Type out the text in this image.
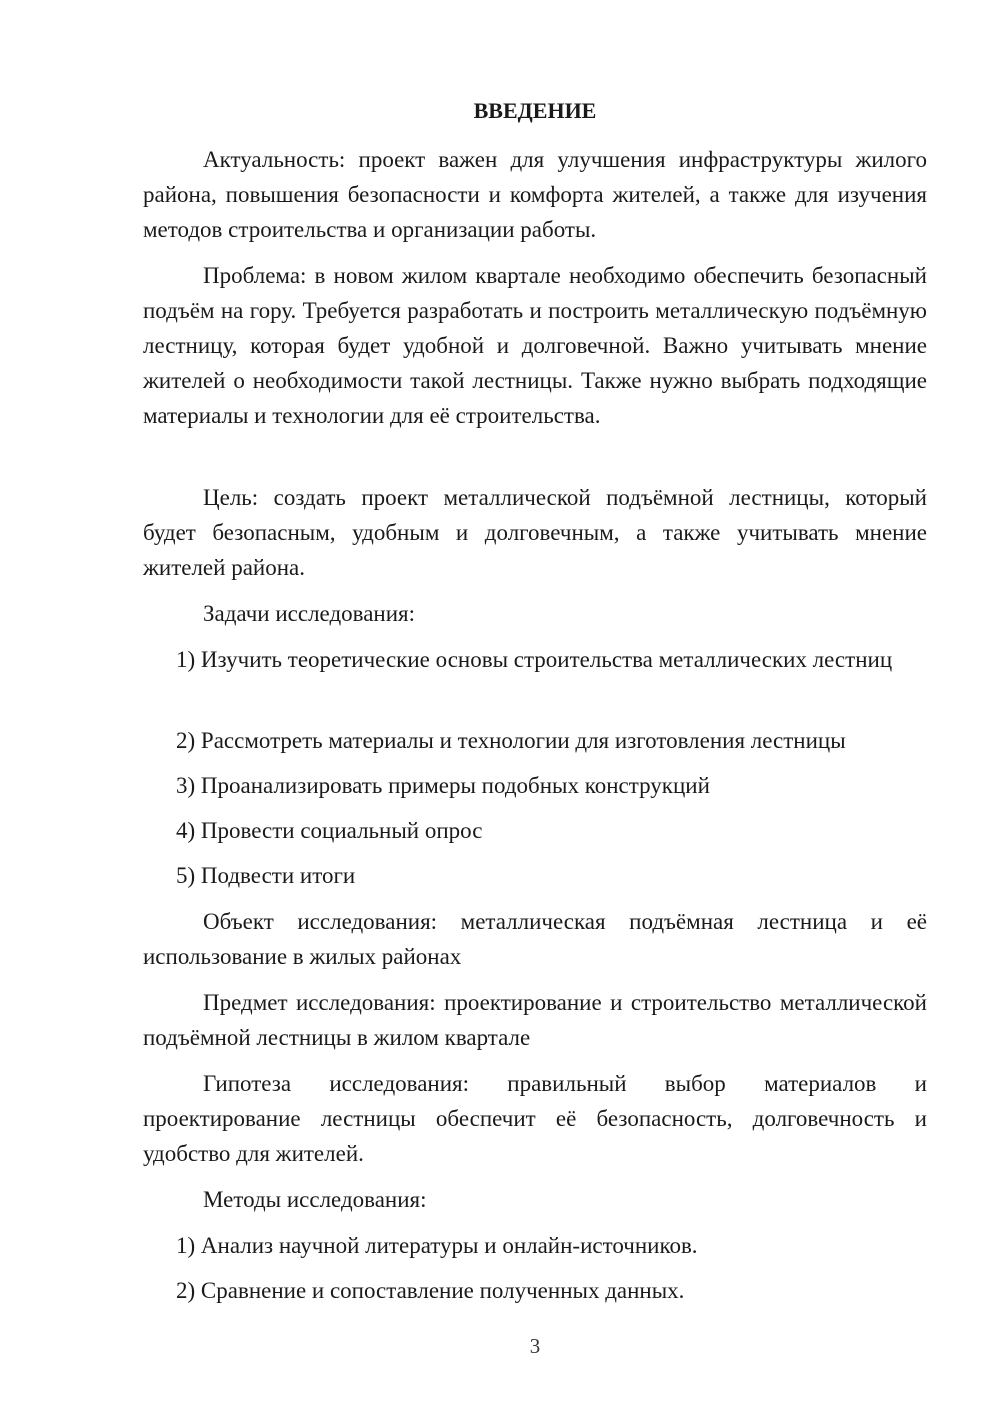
ВВЕДЕНИЕ

Актуальность: проект важен для улучшения инфраструктуры жилого района, повышения безопасности и комфорта жителей, а также для изучения методов строительства и организации работы.

Проблема: в новом жилом квартале необходимо обеспечить безопасный подъём на гору. Требуется разработать и построить металлическую подъёмную лестницу, которая будет удобной и долговечной. Важно учитывать мнение жителей о необходимости такой лестницы. Также нужно выбрать подходящие материалы и технологии для её строительства.

Цель: создать проект металлической подъёмной лестницы, который будет безопасным, удобным и долговечным, а также учитывать мнение жителей района.

Задачи исследования:

1) Изучить теоретические основы строительства металлических лестниц

2) Рассмотреть материалы и технологии для изготовления лестницы

3) Проанализировать примеры подобных конструкций

4) Провести социальный опрос

5) Подвести итоги

Объект исследования: металлическая подъёмная лестница и её использование в жилых районах

Предмет исследования: проектирование и строительство металлической подъёмной лестницы в жилом квартале

Гипотеза исследования: правильный выбор материалов и проектирование лестницы обеспечит её безопасность, долговечность и удобство для жителей.

Методы исследования:

1) Анализ научной литературы и онлайн-источников.

2) Сравнение и сопоставление полученных данных.

3
